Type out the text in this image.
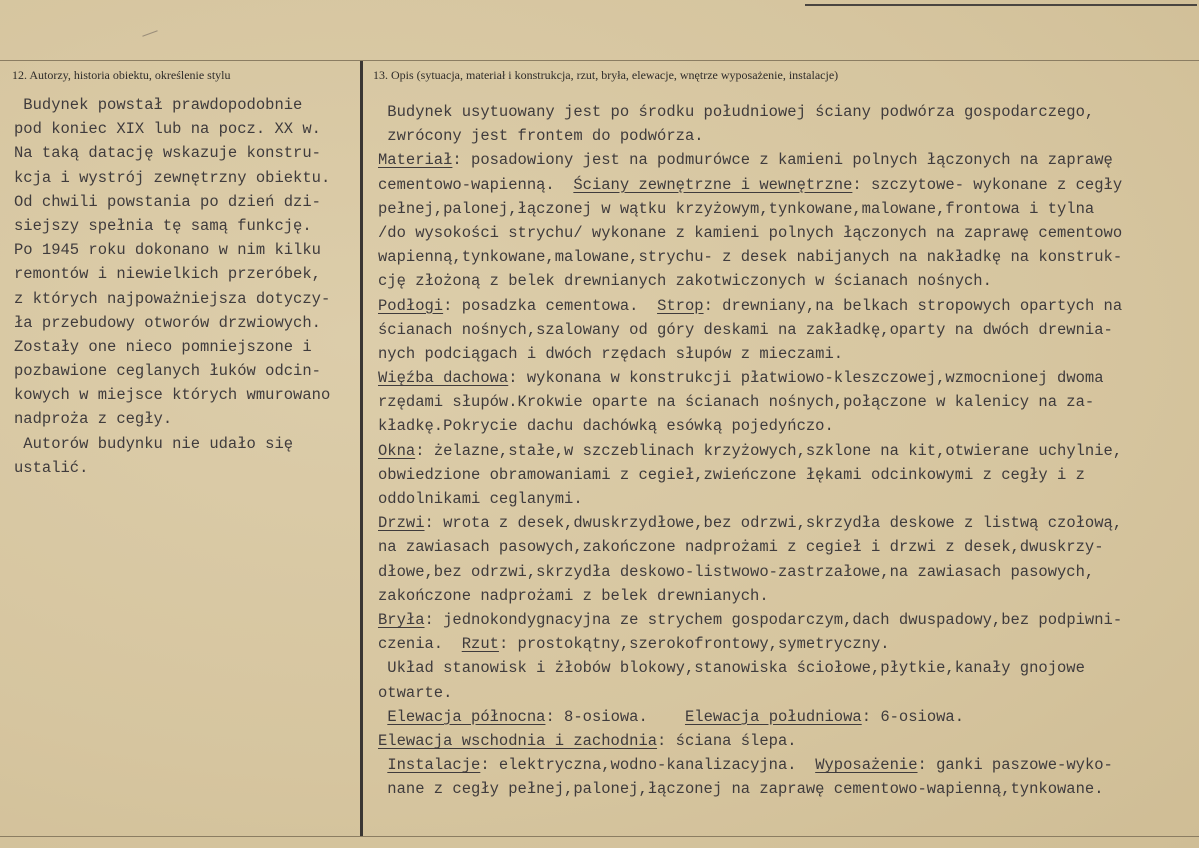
12. Autorzy, historia obiektu, określenie stylu	13. Opis (sytuacja, materiał i konstrukcja, rzut, bryła, elewacje, wnętrze wyposażenie, instalacje)
Budynek powstał prawdopodobnie
pod koniec XIX lub na pocz. XX w.
Na taką datację wskazuje konstru-
kcja i wystrój zewnętrzny obiektu.
Od chwili powstania po dzień dzi-
siejszy spełnia tę samą funkcję.
Po 1945 roku dokonano w nim kilku
remontów i niewielkich przeróbek,
z których najpoważniejsza dotyczy-
ła przebudowy otworów drzwiowych.
Zostały one nieco pomniejszone i
pozbawione ceglanych łuków odcin-
kowych w miejsce których wmurowano
nadproża z cegły.
Autorów budynku nie udało się
ustalić.
Budynek usytuowany jest po środku południowej ściany podwórza gospodarczego,
zwrócony jest frontem do podwórza.
Materiał: posadowiony jest na podmurówce z kamieni polnych łączonych na zaprawę
cementowo-wapienną.  Ściany zewnętrzne i wewnętrzne: szczytowe- wykonane z cegły
pełnej,palonej,łączonej w wątku krzyżowym,tynkowane,malowane,frontowa i tylna
/do wysokości strychu/ wykonane z kamieni polnych łączonych na zaprawę cementowo
wapienną,tynkowane,malowane,strychu- z desek nabijanych na nakładkę na konstruk-
cję złożoną z belek drewnianych zakotwiczonych w ścianach nośnych.
Podłogi: posadzka cementowa.  Strop: drewniany,na belkach stropowych opartych na
ścianach nośnych,szalowany od góry deskami na zakładkę,oparty na dwóch drewnia-
nych podciągach i dwóch rzędach słupów z mieczami.
Więźba dachowa: wykonana w konstrukcji płatwiowo-kleszczowej,wzmocnionej dwoma
rzędami słupów.Krokwie oparte na ścianach nośnych,połączone w kalenicy na za-
kładkę.Pokrycie dachu dachówką esówką pojedyńczo.
Okna: żelazne,stałe,w szczeblinach krzyżowych,szklone na kit,otwierane uchylnie,
obwiedzione obramowaniami z cegieł,zwieńczone łękami odcinkowymi z cegły i z
oddolnikami ceglanymi.
Drzwi: wrota z desek,dwuskrzydłowe,bez odrzwi,skrzydła deskowe z listwą czołową,
na zawiasach pasowych,zakończone nadprożami z cegieł i drzwi z desek,dwuskrzy-
dłowe,bez odrzwi,skrzydła deskowo-listwowo-zastrzałowe,na zawiasach pasowych,
zakończone nadprożami z belek drewnianych.
Bryła: jednokondygnacyjna ze strychem gospodarczym,dach dwuspadowy,bez podpiwni-
czenia.  Rzut: prostokątny,szerokofrontowy,symetryczny.
Układ stanowisk i żłobów blokowy,stanowiska ściołowe,płytkie,kanały gnojowe
otwarte.
Elewacja północna: 8-osiowa.    Elewacja południowa: 6-osiowa.
Elewacja wschodnia i zachodnia: ściana ślepa.
Instalacje: elektryczna,wodno-kanalizacyjna.  Wyposażenie: ganki paszowe-wyko-
nane z cegły pełnej,palonej,łączonej na zaprawę cementowo-wapienną,tynkowane.
